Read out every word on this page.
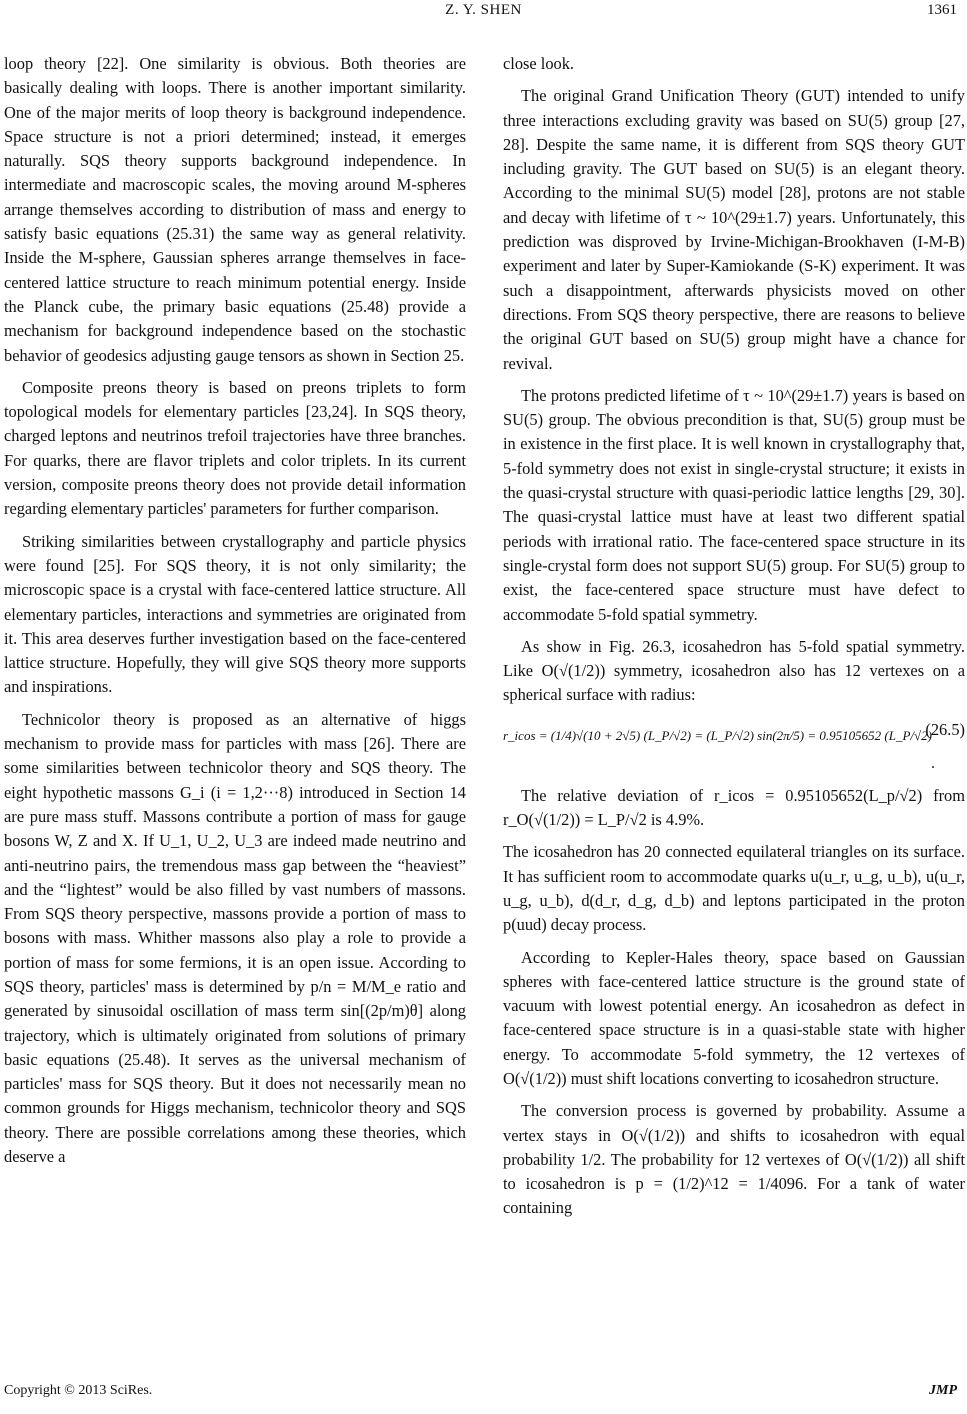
Z. Y. SHEN	1361

loop theory [22]. One similarity is obvious. Both theories are basically dealing with loops. There is another important similarity. One of the major merits of loop theory is background independence. Space structure is not a priori determined; instead, it emerges naturally. SQS theory supports background independence. In intermediate and macroscopic scales, the moving around M-spheres arrange themselves according to distribution of mass and energy to satisfy basic equations (25.31) the same way as general relativity. Inside the M-sphere, Gaussian spheres arrange themselves in face-centered lattice structure to reach minimum potential energy. Inside the Planck cube, the primary basic equations (25.48) provide a mechanism for background independence based on the stochastic behavior of geodesics adjusting gauge tensors as shown in Section 25.

Composite preons theory is based on preons triplets to form topological models for elementary particles [23,24]. In SQS theory, charged leptons and neutrinos trefoil trajectories have three branches. For quarks, there are flavor triplets and color triplets. In its current version, composite preons theory does not provide detail information regarding elementary particles' parameters for further comparison.

Striking similarities between crystallography and particle physics were found [25]. For SQS theory, it is not only similarity; the microscopic space is a crystal with face-centered lattice structure. All elementary particles, interactions and symmetries are originated from it. This area deserves further investigation based on the face-centered lattice structure. Hopefully, they will give SQS theory more supports and inspirations.

Technicolor theory is proposed as an alternative of higgs mechanism to provide mass for particles with mass [26]. There are some similarities between technicolor theory and SQS theory. The eight hypothetic massons G_i (i = 1,2···8) introduced in Section 14 are pure mass stuff. Massons contribute a portion of mass for gauge bosons W, Z and X. If U_1, U_2, U_3 are indeed made neutrino and anti-neutrino pairs, the tremendous mass gap between the “heaviest” and the “lightest” would be also filled by vast numbers of massons. From SQS theory perspective, massons provide a portion of mass to bosons with mass. Whither massons also play a role to provide a portion of mass for some fermions, it is an open issue. According to SQS theory, particles' mass is determined by p/n = M/M_e ratio and generated by sinusoidal oscillation of mass term sin[(2p/m)θ] along trajectory, which is ultimately originated from solutions of primary basic equations (25.48). It serves as the universal mechanism of particles' mass for SQS theory. But it does not necessarily mean no common grounds for Higgs mechanism, technicolor theory and SQS theory. There are possible correlations among these theories, which deserve a

close look.

The original Grand Unification Theory (GUT) intended to unify three interactions excluding gravity was based on SU(5) group [27, 28]. Despite the same name, it is different from SQS theory GUT including gravity. The GUT based on SU(5) is an elegant theory. According to the minimal SU(5) model [28], protons are not stable and decay with lifetime of τ ~ 10^(29±1.7) years. Unfortunately, this prediction was disproved by Irvine-Michigan-Brookhaven (I-M-B) experiment and later by Super-Kamiokande (S-K) experiment. It was such a disappointment, afterwards physicists moved on other directions. From SQS theory perspective, there are reasons to believe the original GUT based on SU(5) group might have a chance for revival.

The protons predicted lifetime of τ ~ 10^(29±1.7) years is based on SU(5) group. The obvious precondition is that, SU(5) group must be in existence in the first place. It is well known in crystallography that, 5-fold symmetry does not exist in single-crystal structure; it exists in the quasi-crystal structure with quasi-periodic lattice lengths [29, 30]. The quasi-crystal lattice must have at least two different spatial periods with irrational ratio. The face-centered space structure in its single-crystal form does not support SU(5) group. For SU(5) group to exist, the face-centered space structure must have defect to accommodate 5-fold spatial symmetry.

As show in Fig. 26.3, icosahedron has 5-fold spatial symmetry. Like O(√(1/2)) symmetry, icosahedron also has 12 vertexes on a spherical surface with radius:

r_icos = (1/4)√(10 + 2√5) (L_P/√2) = (L_P/√2) sin(2π/5) = 0.95105652 (L_P/√2)
(26.5)
.

The relative deviation of r_icos = 0.95105652(L_p/√2) from r_O(√(1/2)) = L_P/√2 is 4.9%.

The icosahedron has 20 connected equilateral triangles on its surface. It has sufficient room to accommodate quarks u(u_r, u_g, u_b), u(u_r, u_g, u_b), d(d_r, d_g, d_b) and leptons participated in the proton p(uud) decay process.

According to Kepler-Hales theory, space based on Gaussian spheres with face-centered lattice structure is the ground state of vacuum with lowest potential energy. An icosahedron as defect in face-centered space structure is in a quasi-stable state with higher energy. To accommodate 5-fold symmetry, the 12 vertexes of O(√(1/2)) must shift locations converting to icosahedron structure.

The conversion process is governed by probability. Assume a vertex stays in O(√(1/2)) and shifts to icosahedron with equal probability 1/2. The probability for 12 vertexes of O(√(1/2)) all shift to icosahedron is p = (1/2)^12 = 1/4096. For a tank of water containing

Copyright © 2013 SciRes.	JMP
